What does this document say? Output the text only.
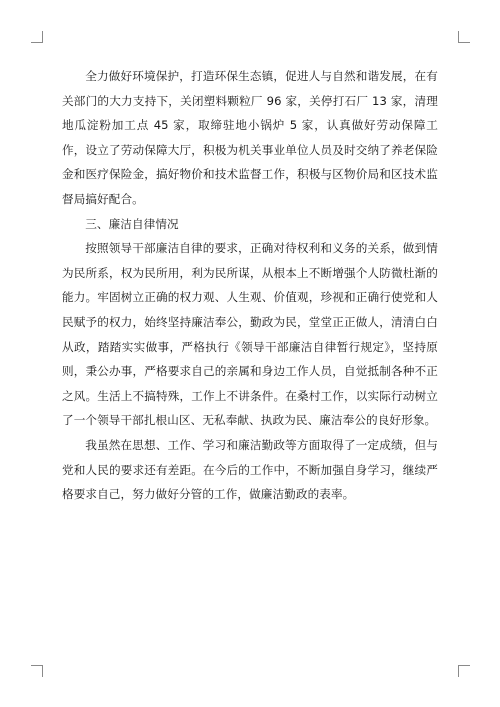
全力做好环境保护，打造环保生态镇，促进人与自然和谐发展，在有关部门的大力支持下，关闭塑料颗粒厂 96 家，关停打石厂 13 家，清理地瓜淀粉加工点 45 家，取缔驻地小锅炉 5 家，认真做好劳动保障工作，设立了劳动保障大厅，积极为机关事业单位人员及时交纳了养老保险金和医疗保险金，搞好物价和技术监督工作，积极与区物价局和区技术监督局搞好配合。

三、廉洁自律情况

按照领导干部廉洁自律的要求，正确对待权利和义务的关系，做到情为民所系，权为民所用，利为民所谋，从根本上不断增强个人防微杜渐的能力。牢固树立正确的权力观、人生观、价值观，珍视和正确行使党和人民赋予的权力，始终坚持廉洁奉公，勤政为民，堂堂正正做人，清清白白从政，踏踏实实做事，严格执行《领导干部廉洁自律暂行规定》，坚持原则，秉公办事，严格要求自己的亲属和身边工作人员，自觉抵制各种不正之风。生活上不搞特殊，工作上不讲条件。在桑村工作，以实际行动树立了一个领导干部扎根山区、无私奉献、执政为民、廉洁奉公的良好形象。

我虽然在思想、工作、学习和廉洁勤政等方面取得了一定成绩，但与党和人民的要求还有差距。在今后的工作中，不断加强自身学习，继续严格要求自己，努力做好分管的工作，做廉洁勤政的表率。
